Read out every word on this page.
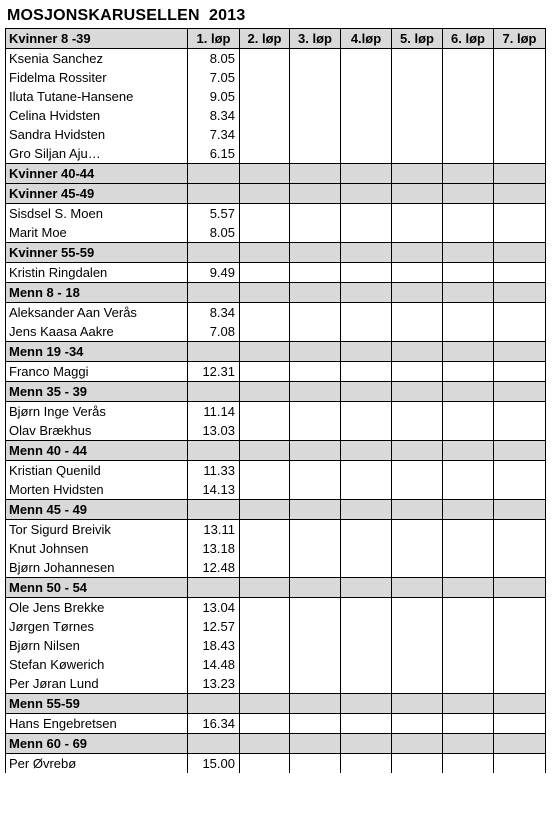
MOSJONSKARUSELLEN  2013
Kvinner 8 -39	1. løp	2. løp	3. løp	4.løp	5. løp	6. løp	7. løp
Ksenia Sanchez	8.05						
Fidelma Rossiter	7.05						
Iluta Tutane-Hansene	9.05						
Celina Hvidsten	8.34						
Sandra Hvidsten	7.34						
Gro Siljan Aju…	6.15						
Kvinner 40-44							
Kvinner 45-49							
Sisdsel S. Moen	5.57						
Marit Moe	8.05						
Kvinner 55-59							
Kristin Ringdalen	9.49						
Menn 8 - 18							
Aleksander Aan Verås	8.34						
Jens Kaasa Aakre	7.08						
Menn 19 -34							
Franco Maggi	12.31						
Menn 35 - 39							
Bjørn Inge Verås	11.14						
Olav Brækhus	13.03						
Menn 40 - 44							
Kristian Quenild	11.33						
Morten Hvidsten	14.13						
Menn 45 - 49							
Tor Sigurd Breivik	13.11						
Knut Johnsen	13.18						
Bjørn Johannesen	12.48						
Menn 50 - 54							
Ole Jens Brekke	13.04						
Jørgen Tørnes	12.57						
Bjørn Nilsen	18.43						
Stefan Køwerich	14.48						
Per Jøran Lund	13.23						
Menn 55-59							
Hans Engebretsen	16.34						
Menn 60 - 69							
Per Øvrebø	15.00						
